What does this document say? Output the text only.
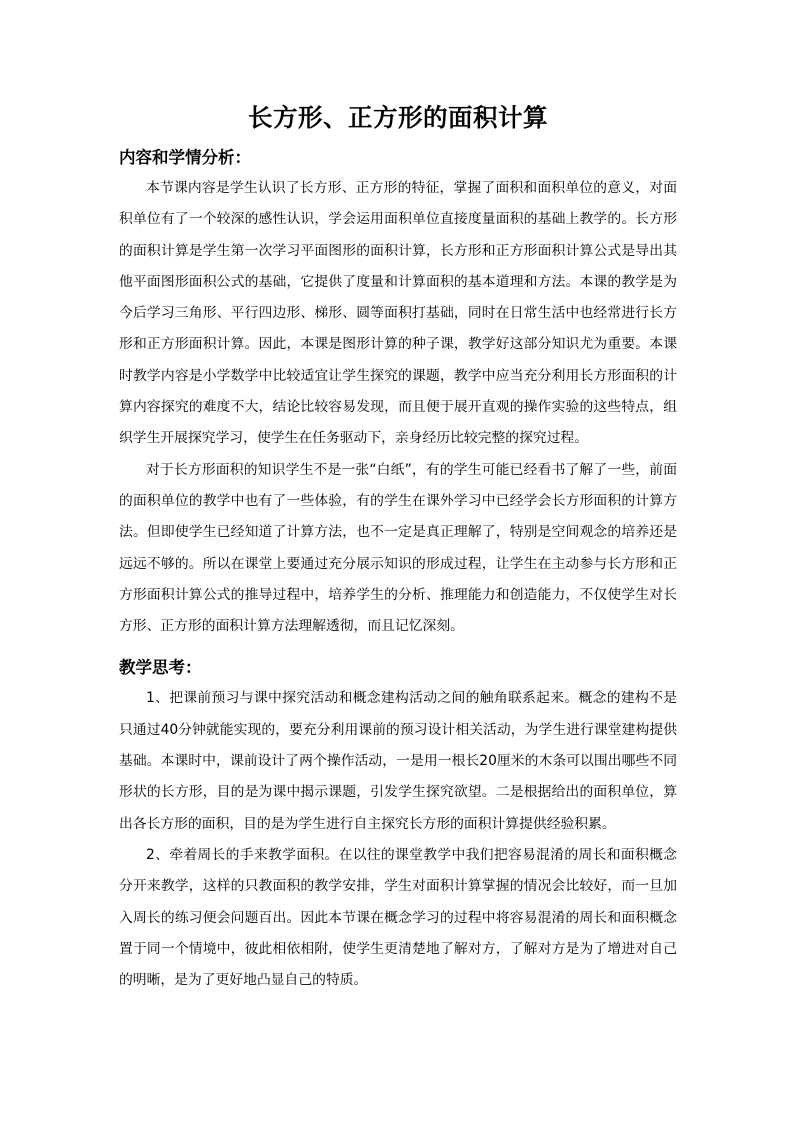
长方形、正方形的面积计算
内容和学情分析：

本节课内容是学生认识了长方形、正方形的特征，掌握了面积和面积单位的意义，对面积单位有了一个较深的感性认识，学会运用面积单位直接度量面积的基础上教学的。长方形的面积计算是学生第一次学习平面图形的面积计算，长方形和正方形面积计算公式是导出其他平面图形面积公式的基础，它提供了度量和计算面积的基本道理和方法。本课的教学是为今后学习三角形、平行四边形、梯形、圆等面积打基础，同时在日常生活中也经常进行长方形和正方形面积计算。因此，本课是图形计算的种子课，教学好这部分知识尤为重要。本课时教学内容是小学数学中比较适宜让学生探究的课题，教学中应当充分利用长方形面积的计算内容探究的难度不大，结论比较容易发现，而且便于展开直观的操作实验的这些特点，组织学生开展探究学习，使学生在任务驱动下，亲身经历比较完整的探究过程。

对于长方形面积的知识学生不是一张“白纸”，有的学生可能已经看书了解了一些，前面的面积单位的教学中也有了一些体验，有的学生在课外学习中已经学会长方形面积的计算方法。但即使学生已经知道了计算方法，也不一定是真正理解了，特别是空间观念的培养还是远远不够的。所以在课堂上要通过充分展示知识的形成过程，让学生在主动参与长方形和正方形面积计算公式的推导过程中，培养学生的分析、推理能力和创造能力，不仅使学生对长方形、正方形的面积计算方法理解透彻，而且记忆深刻。

教学思考：

1、把课前预习与课中探究活动和概念建构活动之间的触角联系起来。概念的建构不是只通过40分钟就能实现的，要充分利用课前的预习设计相关活动，为学生进行课堂建构提供基础。本课时中，课前设计了两个操作活动，一是用一根长20厘米的木条可以围出哪些不同形状的长方形，目的是为课中揭示课题，引发学生探究欲望。二是根据给出的面积单位，算出各长方形的面积，目的是为学生进行自主探究长方形的面积计算提供经验积累。

2、牵着周长的手来教学面积。在以往的课堂教学中我们把容易混淆的周长和面积概念分开来教学，这样的只教面积的教学安排，学生对面积计算掌握的情况会比较好，而一旦加入周长的练习便会问题百出。因此本节课在概念学习的过程中将容易混淆的周长和面积概念置于同一个情境中，彼此相依相附，使学生更清楚地了解对方，了解对方是为了增进对自己的明晰，是为了更好地凸显自己的特质。
